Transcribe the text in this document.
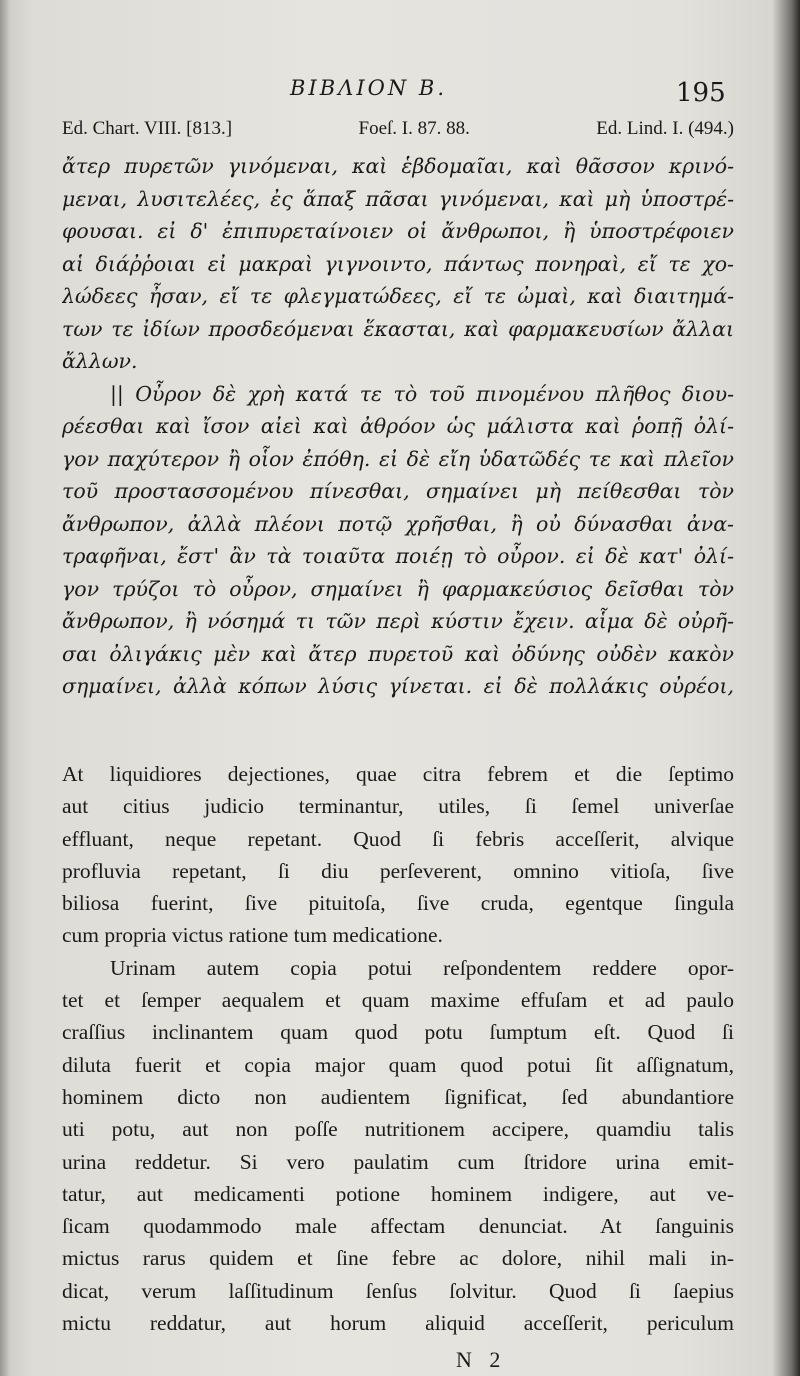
ΒΙΒΛΙΟΝ Β.	195
Ed. Chart. VIII. [813.]	Foeſ. I. 87. 88.	Ed. Lind. I. (494.)
ἄτερ πυρετῶν γινόμεναι, καὶ ἑβδομαῖαι, καὶ θᾶσσον κρινό-
μεναι, λυσιτελέες, ἐς ἅπαξ πᾶσαι γινόμεναι, καὶ μὴ ὑποστρέ-
φουσαι. εἰ δ' ἐπιπυρεταίνοιεν οἱ ἄνθρωποι, ἢ ὑποστρέφοιεν
αἱ διάῤῥοιαι εἰ μακραὶ γιγνοιντο, πάντως πονηραὶ, εἴ τε χο-
λώδεες ἦσαν, εἴ τε φλεγματώδεες, εἴ τε ὠμαὶ, καὶ διαιτημά-
των τε ἰδίων προσδεόμεναι ἕκασται, καὶ φαρμακευσίων ἄλλαι
ἄλλων.
|| Οὖρον δὲ χρὴ κατά τε τὸ τοῦ πινομένου πλῆθος διου-
ρέεσθαι καὶ ἴσον αἰεὶ καὶ ἀθρόον ὡς μάλιστα καὶ ῥοπῇ ὀλί-
γον παχύτερον ἢ οἷον ἐπόθη. εἰ δὲ εἴη ὑδατῶδές τε καὶ πλεῖον
τοῦ προστασσομένου πίνεσθαι, σημαίνει μὴ πείθεσθαι τὸν
ἄνθρωπον, ἀλλὰ πλέονι ποτῷ χρῆσθαι, ἢ οὐ δύνασθαι ἀνα-
τραφῆναι, ἔστ' ἂν τὰ τοιαῦτα ποιέῃ τὸ οὖρον. εἰ δὲ κατ' ὀλί-
γον τρύζοι τὸ οὖρον, σημαίνει ἢ φαρμακεύσιος δεῖσθαι τὸν
ἄνθρωπον, ἢ νόσημά τι τῶν περὶ κύστιν ἔχειν. αἷμα δὲ οὐρῆ-
σαι ὀλιγάκις μὲν καὶ ἄτερ πυρετοῦ καὶ ὀδύνης οὐδὲν κακὸν
σημαίνει, ἀλλὰ κόπων λύσις γίνεται. εἰ δὲ πολλάκις οὐρέοι,
At liquidiores dejectiones, quae citra febrem et die ſeptimo
aut citius judicio terminantur, utiles, ſi ſemel univerſae
effluant, neque repetant. Quod ſi febris acceſſerit, alvique
profluvia repetant, ſi diu perſeverent, omnino vitioſa, ſive
biliosa fuerint, ſive pituitoſa, ſive cruda, egentque ſingula
cum propria victus ratione tum medicatione.
Urinam autem copia potui reſpondentem reddere opor-
tet et ſemper aequalem et quam maxime effuſam et ad paulo
craſſius inclinantem quam quod potu ſumptum eſt. Quod ſi
diluta fuerit et copia major quam quod potui ſit aſſignatum,
hominem dicto non audientem ſignificat, ſed abundantiore
uti potu, aut non poſſe nutritionem accipere, quamdiu talis
urina reddetur. Si vero paulatim cum ſtridore urina emit-
tatur, aut medicamenti potione hominem indigere, aut ve-
ſicam quodammodo male affectam denunciat. At ſanguinis
mictus rarus quidem et ſine febre ac dolore, nihil mali in-
dicat, verum laſſitudinum ſenſus ſolvitur. Quod ſi ſaepius
mictu reddatur, aut horum aliquid acceſſerit, periculum
N 2
